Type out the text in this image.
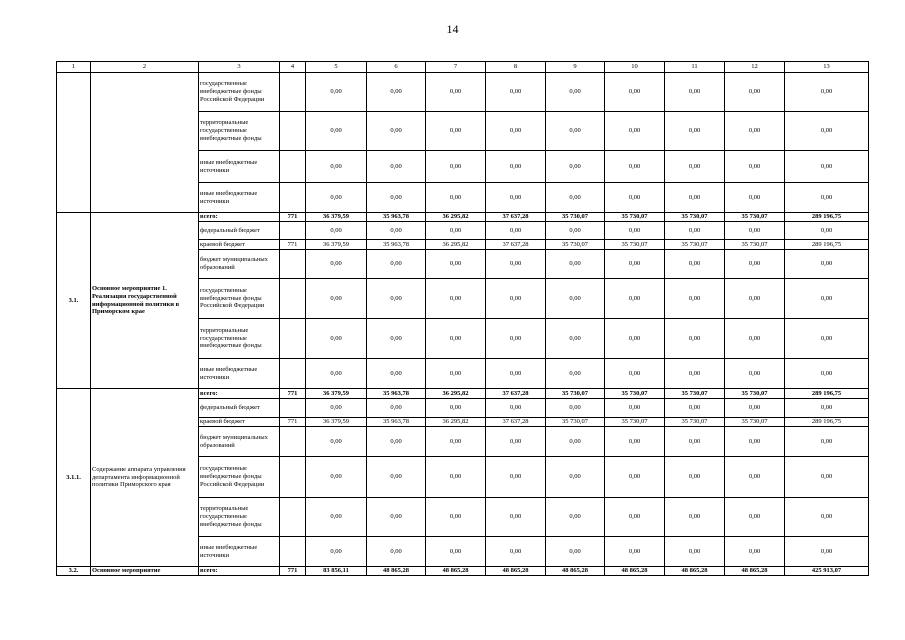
14
1	2	3	4	5	6	7	8	9	10	11	12	13
		государственные внебюджетные фонды Российской Федерации		0,00	0,00	0,00	0,00	0,00	0,00	0,00	0,00	0,00
		территориальные государственные внебюджетные фонды		0,00	0,00	0,00	0,00	0,00	0,00	0,00	0,00	0,00
		иные внебюджетные источники		0,00	0,00	0,00	0,00	0,00	0,00	0,00	0,00	0,00
		иные внебюджетные источники		0,00	0,00	0,00	0,00	0,00	0,00	0,00	0,00	0,00
3.1.	Основное мероприятие 1. Реализация государственной информационной политики в Приморском крае	всего:	771	36 379,59	35 963,78	36 295,82	37 637,28	35 730,07	35 730,07	35 730,07	35 730,07	289 196,75
		федеральный бюджет		0,00	0,00	0,00	0,00	0,00	0,00	0,00	0,00	0,00
		краевой бюджет	771	36 379,59	35 963,78	36 295,82	37 637,28	35 730,07	35 730,07	35 730,07	35 730,07	289 196,75
		бюджет муниципальных образований		0,00	0,00	0,00	0,00	0,00	0,00	0,00	0,00	0,00
		государственные внебюджетные фонды Российской Федерации		0,00	0,00	0,00	0,00	0,00	0,00	0,00	0,00	0,00
		территориальные государственные внебюджетные фонды		0,00	0,00	0,00	0,00	0,00	0,00	0,00	0,00	0,00
		иные внебюджетные источники		0,00	0,00	0,00	0,00	0,00	0,00	0,00	0,00	0,00
3.1.1.	Содержание аппарата управления департамента информационной политики Приморского края	всего:	771	36 379,59	35 963,78	36 295,82	37 637,28	35 730,07	35 730,07	35 730,07	35 730,07	289 196,75
		федеральный бюджет		0,00	0,00	0,00	0,00	0,00	0,00	0,00	0,00	0,00
		краевой бюджет	771	36 379,59	35 963,78	36 295,82	37 637,28	35 730,07	35 730,07	35 730,07	35 730,07	289 196,75
		бюджет муниципальных образований		0,00	0,00	0,00	0,00	0,00	0,00	0,00	0,00	0,00
		государственные внебюджетные фонды Российской Федерации		0,00	0,00	0,00	0,00	0,00	0,00	0,00	0,00	0,00
		территориальные государственные внебюджетные фонды		0,00	0,00	0,00	0,00	0,00	0,00	0,00	0,00	0,00
		иные внебюджетные источники		0,00	0,00	0,00	0,00	0,00	0,00	0,00	0,00	0,00
3.2.	Основное мероприятие	всего:	771	83 856,11	48 865,28	48 865,28	48 865,28	48 865,28	48 865,28	48 865,28	48 865,28	425 913,07
